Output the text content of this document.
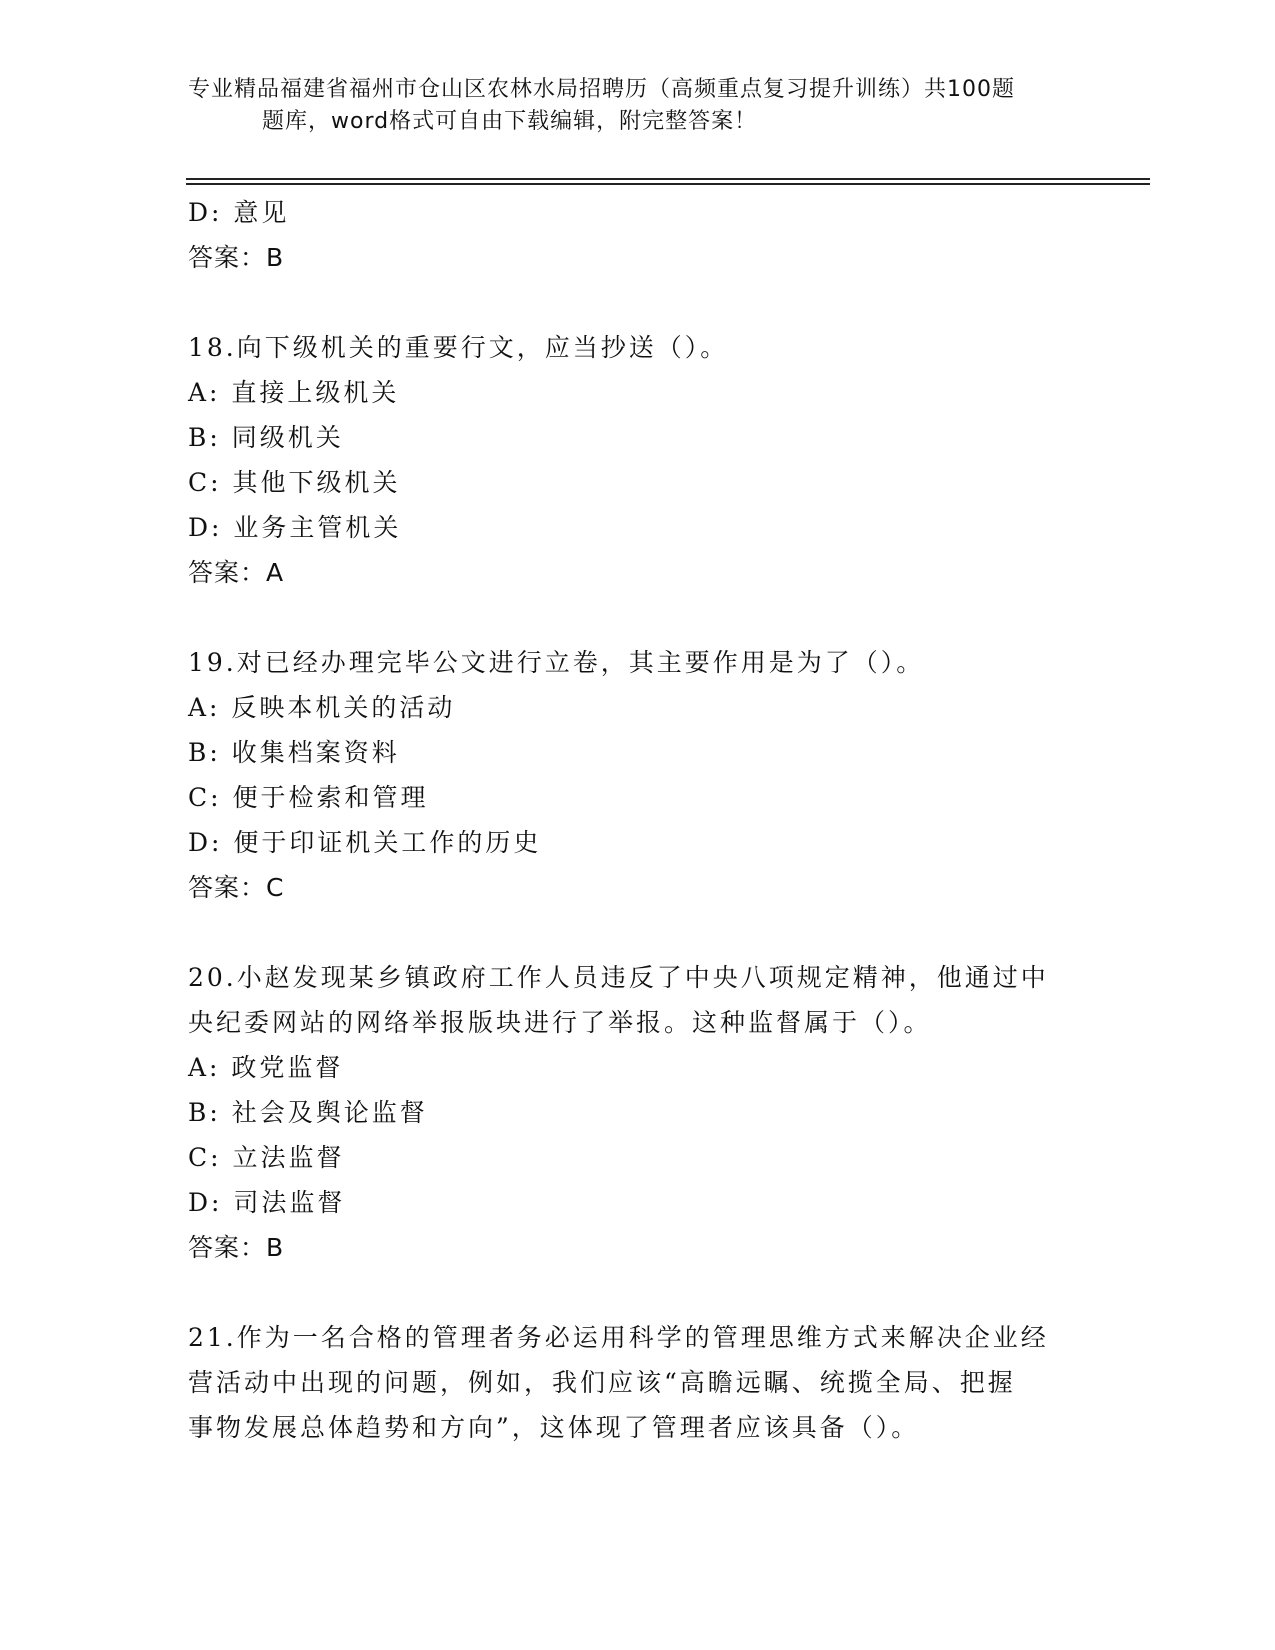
专业精品福建省福州市仓山区农林水局招聘历（高频重点复习提升训练）共100题
题库，word格式可自由下载编辑，附完整答案！
D: 意见
答案：B
18.向下级机关的重要行文，应当抄送（）。
A: 直接上级机关
B: 同级机关
C: 其他下级机关
D: 业务主管机关
答案：A
19.对已经办理完毕公文进行立卷，其主要作用是为了（）。
A: 反映本机关的活动
B: 收集档案资料
C: 便于检索和管理
D: 便于印证机关工作的历史
答案：C
20.小赵发现某乡镇政府工作人员违反了中央八项规定精神，他通过中
央纪委网站的网络举报版块进行了举报。这种监督属于（）。
A: 政党监督
B: 社会及舆论监督
C: 立法监督
D: 司法监督
答案：B
21.作为一名合格的管理者务必运用科学的管理思维方式来解决企业经
营活动中出现的问题，例如，我们应该“高瞻远瞩、统揽全局、把握
事物发展总体趋势和方向”，这体现了管理者应该具备（）。
